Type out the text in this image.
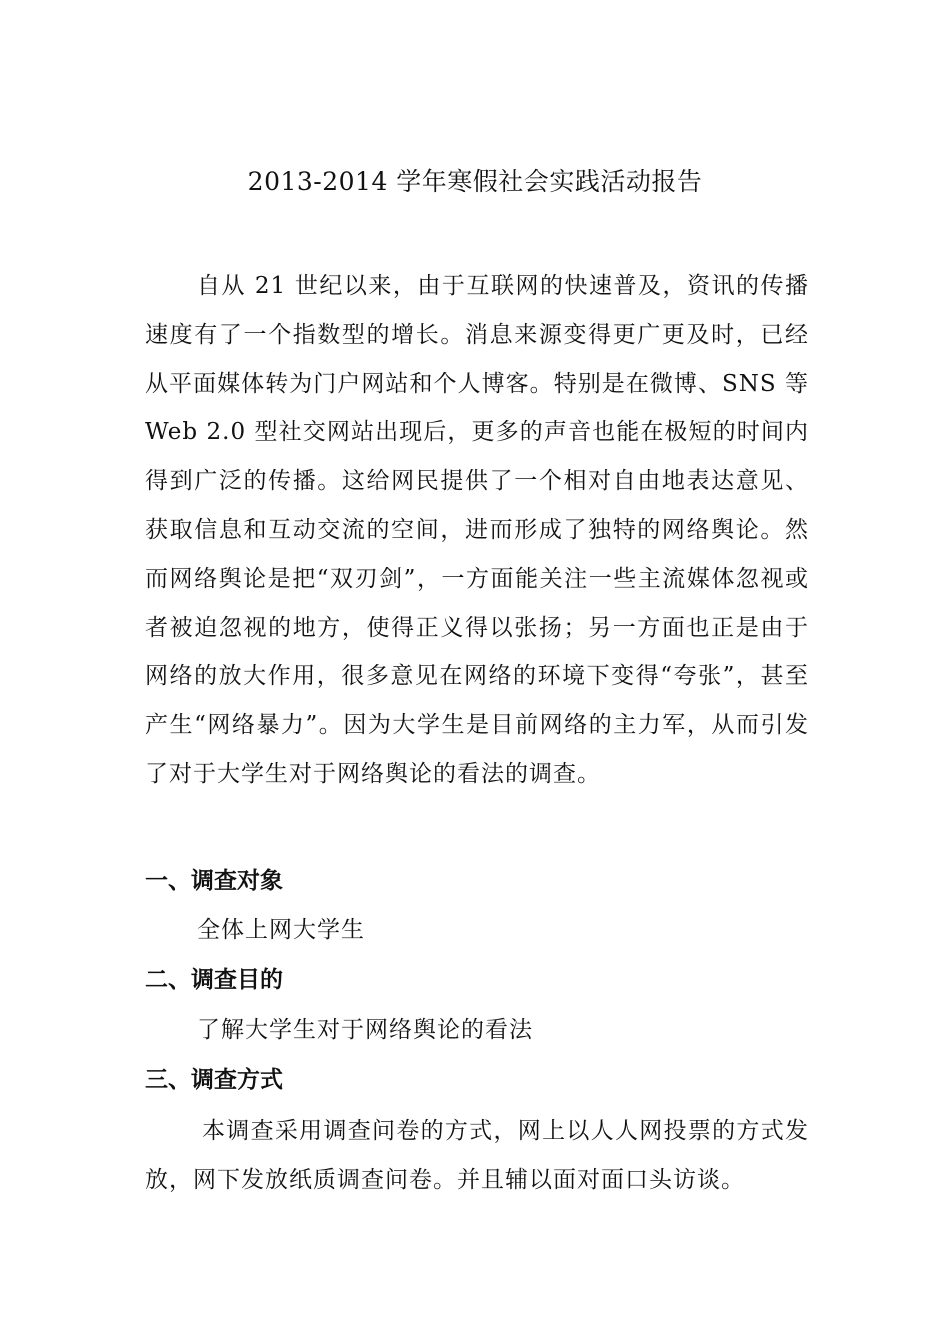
2013-2014 学年寒假社会实践活动报告
自从 21 世纪以来，由于互联网的快速普及，资讯的传播速度有了一个指数型的增长。消息来源变得更广更及时，已经从平面媒体转为门户网站和个人博客。特别是在微博、SNS 等 Web 2.0 型社交网站出现后，更多的声音也能在极短的时间内得到广泛的传播。这给网民提供了一个相对自由地表达意见、获取信息和互动交流的空间，进而形成了独特的网络舆论。然而网络舆论是把“双刃剑”，一方面能关注一些主流媒体忽视或者被迫忽视的地方，使得正义得以张扬；另一方面也正是由于网络的放大作用，很多意见在网络的环境下变得“夸张”，甚至产生“网络暴力”。因为大学生是目前网络的主力军，从而引发了对于大学生对于网络舆论的看法的调查。
一、调查对象
全体上网大学生
二、调查目的
了解大学生对于网络舆论的看法
三、调查方式
本调查采用调查问卷的方式，网上以人人网投票的方式发放，网下发放纸质调查问卷。并且辅以面对面口头访谈。
